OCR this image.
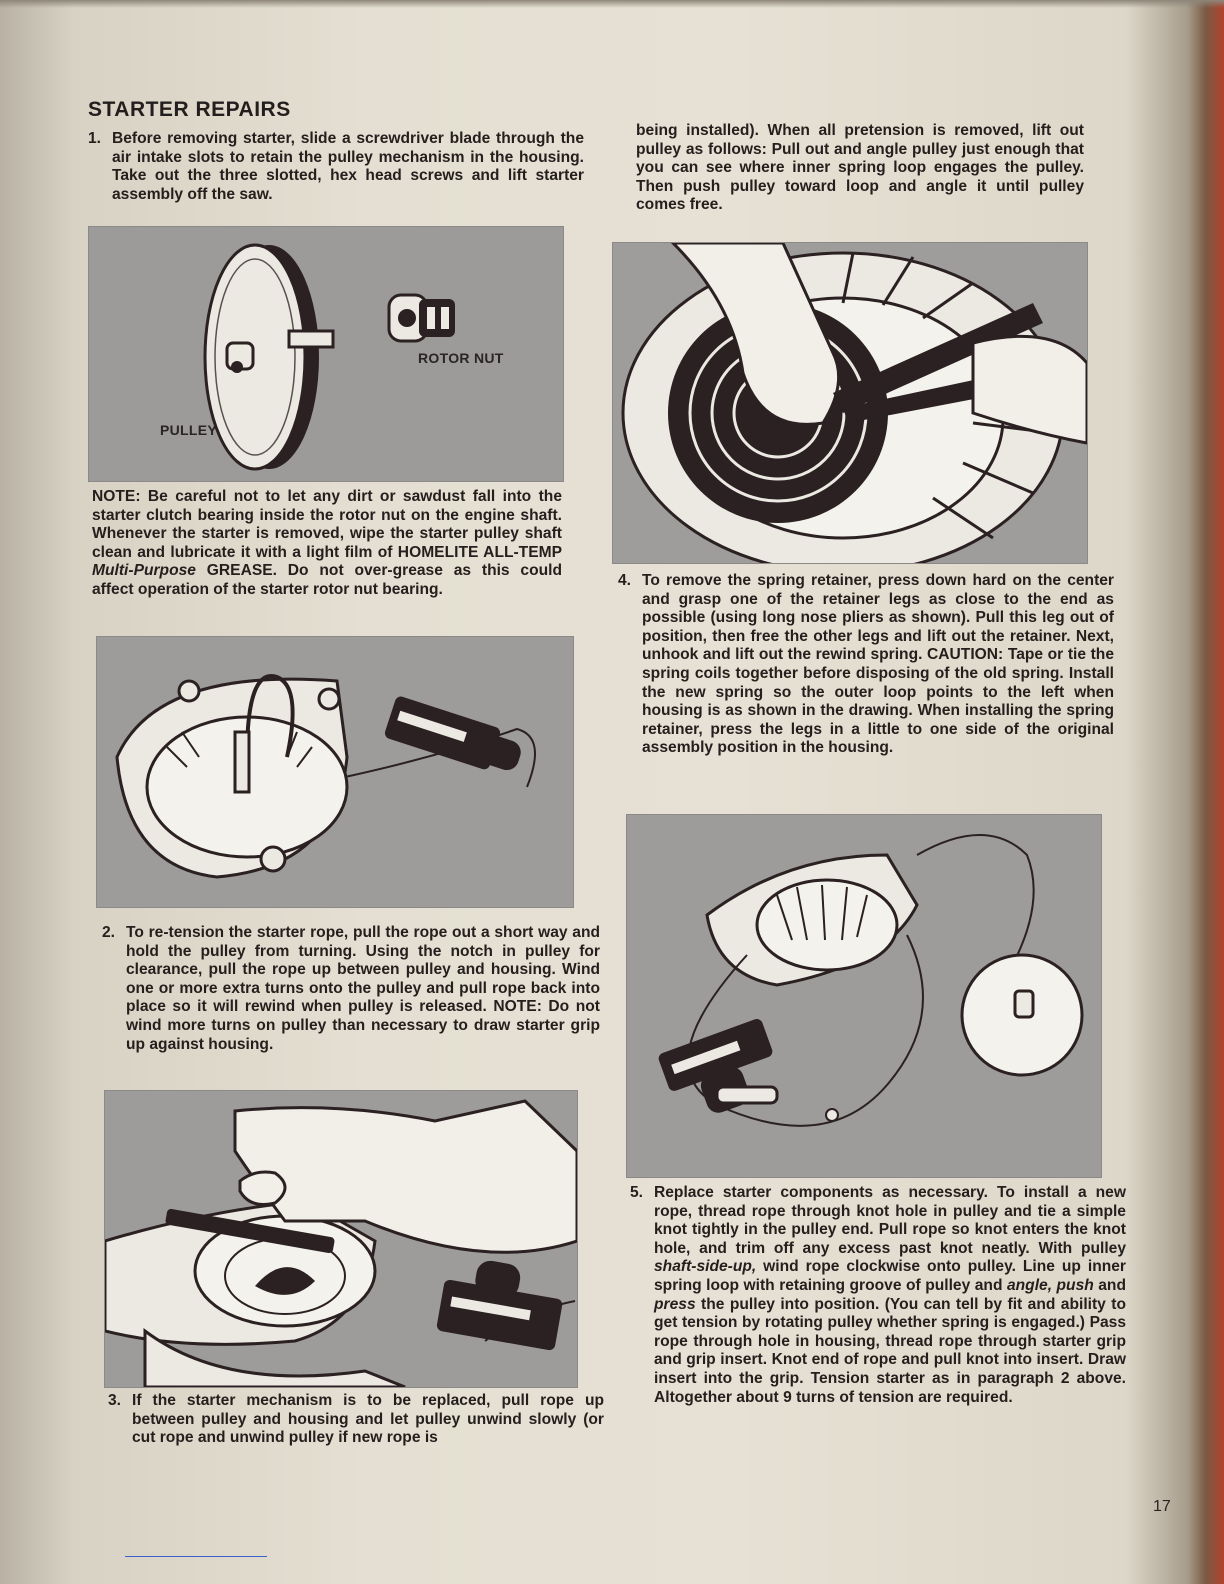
STARTER REPAIRS

1. Before removing starter, slide a screwdriver blade through the air intake slots to retain the pulley mechanism in the housing. Take out the three slotted, hex head screws and lift starter assembly off the saw.

ROTOR NUT
PULLEY

NOTE: Be careful not to let any dirt or sawdust fall into the starter clutch bearing inside the rotor nut on the engine shaft. Whenever the starter is removed, wipe the starter pulley shaft clean and lubricate it with a light film of HOMELITE ALL-TEMP Multi-Purpose GREASE. Do not over-grease as this could affect operation of the starter rotor nut bearing.

2. To re-tension the starter rope, pull the rope out a short way and hold the pulley from turning. Using the notch in pulley for clearance, pull the rope up between pulley and housing. Wind one or more extra turns onto the pulley and pull rope back into place so it will rewind when pulley is released. NOTE: Do not wind more turns on pulley than necessary to draw starter grip up against housing.

3. If the starter mechanism is to be replaced, pull rope up between pulley and housing and let pulley unwind slowly (or cut rope and unwind pulley if new rope is

being installed). When all pretension is removed, lift out pulley as follows: Pull out and angle pulley just enough that you can see where inner spring loop engages the pulley. Then push pulley toward loop and angle it until pulley comes free.

4. To remove the spring retainer, press down hard on the center and grasp one of the retainer legs as close to the end as possible (using long nose pliers as shown). Pull this leg out of position, then free the other legs and lift out the retainer. Next, unhook and lift out the rewind spring. CAUTION: Tape or tie the spring coils together before disposing of the old spring. Install the new spring so the outer loop points to the left when housing is as shown in the drawing. When installing the spring retainer, press the legs in a little to one side of the original assembly position in the housing.

5. Replace starter components as necessary. To install a new rope, thread rope through knot hole in pulley and tie a simple knot tightly in the pulley end. Pull rope so knot enters the knot hole, and trim off any excess past knot neatly. With pulley shaft-side-up, wind rope clockwise onto pulley. Line up inner spring loop with retaining groove of pulley and angle, push and press the pulley into position. (You can tell by fit and ability to get tension by rotating pulley whether spring is engaged.) Pass rope through hole in housing, thread rope through starter grip and grip insert. Knot end of rope and pull knot into insert. Draw insert into the grip. Tension starter as in paragraph 2 above. Altogether about 9 turns of tension are required.

17
